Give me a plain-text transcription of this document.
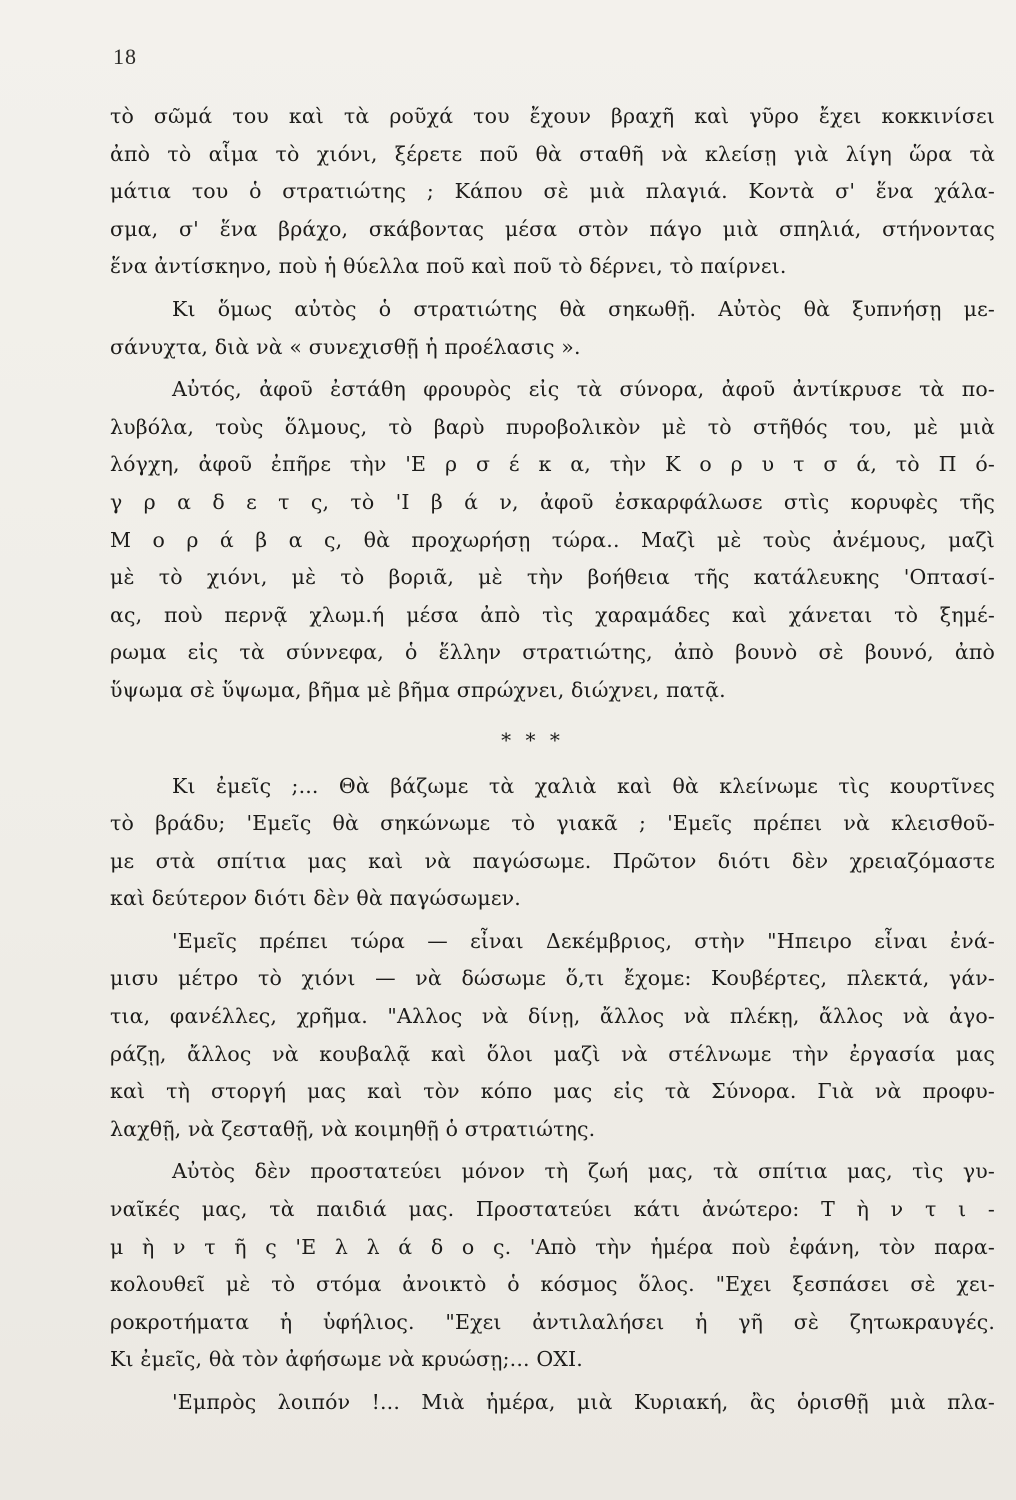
18

τὸ σῶμά του καὶ τὰ ροῦχά του ἔχουν βραχῆ καὶ γῦρο ἔχει κοκκινίσει
ἀπὸ τὸ αἷμα τὸ χιόνι, ξέρετε ποῦ θὰ σταθῆ νὰ κλείσῃ γιὰ λίγη ὥρα τὰ
μάτια του ὁ στρατιώτης ; Κάπου σὲ μιὰ πλαγιά. Κοντὰ σ' ἕνα χάλα-
σμα, σ' ἕνα βράχο, σκάβοντας μέσα στὸν πάγο μιὰ σπηλιά, στήνοντας
ἕνα ἀντίσκηνο, ποὺ ἡ θύελλα ποῦ καὶ ποῦ τὸ δέρνει, τὸ παίρνει.

Κι ὅμως αὐτὸς ὁ στρατιώτης θὰ σηκωθῇ. Αὐτὸς θὰ ξυπνήσῃ με-
σάνυχτα, διὰ νὰ « συνεχισθῇ ἡ προέλασις ».

Αὐτός, ἀφοῦ ἐστάθη φρουρὸς εἰς τὰ σύνορα, ἀφοῦ ἀντίκρυσε τὰ πο-
λυβόλα, τοὺς ὅλμους, τὸ βαρὺ πυροβολικὸν μὲ τὸ στῆθός του, μὲ μιὰ
λόγχη, ἀφοῦ ἐπῆρε τὴν 'Ε ρ σ έ κ α, τὴν Κ ο ρ υ τ σ ά, τὸ Π ό-
γ ρ α δ ε τ ς, τὸ 'Ι β ά ν, ἀφοῦ ἐσκαρφάλωσε στὶς κορυφὲς τῆς
Μ ο ρ ά β α ς, θὰ προχωρήσῃ τώρα.. Μαζὶ μὲ τοὺς ἀνέμους, μαζὶ
μὲ τὸ χιόνι, μὲ τὸ βοριᾶ, μὲ τὴν βοήθεια τῆς κατάλευκης 'Οπτασί-
ας, ποὺ περνᾷ χλωμ.ή μέσα ἀπὸ τὶς χαραμάδες καὶ χάνεται τὸ ξημέ-
ρωμα εἰς τὰ σύννεφα, ὁ ἕλλην στρατιώτης, ἀπὸ βουνὸ σὲ βουνό, ἀπὸ
ὕψωμα σὲ ὕψωμα, βῆμα μὲ βῆμα σπρώχνει, διώχνει, πατᾷ.

* * *

Κι ἐμεῖς ;... Θὰ βάζωμε τὰ χαλιὰ καὶ θὰ κλείνωμε τὶς κουρτῖνες
τὸ βράδυ; 'Εμεῖς θὰ σηκώνωμε τὸ γιακᾶ ; 'Εμεῖς πρέπει νὰ κλεισθοῦ-
με στὰ σπίτια μας καὶ νὰ παγώσωμε. Πρῶτον διότι δὲν χρειαζόμαστε
καὶ δεύτερον διότι δὲν θὰ παγώσωμεν.

'Εμεῖς πρέπει τώρα — εἶναι Δεκέμβριος, στὴν "Ηπειρο εἶναι ἐνά-
μισυ μέτρο τὸ χιόνι — νὰ δώσωμε ὅ,τι ἔχομε: Κουβέρτες, πλεκτά, γάν-
τια, φανέλλες, χρῆμα. "Αλλος νὰ δίνῃ, ἄλλος νὰ πλέκῃ, ἄλλος νὰ ἀγο-
ράζῃ, ἄλλος νὰ κουβαλᾷ καὶ ὅλοι μαζὶ νὰ στέλνωμε τὴν ἐργασία μας
καὶ τὴ στοργή μας καὶ τὸν κόπο μας εἰς τὰ Σύνορα. Γιὰ νὰ προφυ-
λαχθῇ, νὰ ζεσταθῇ, νὰ κοιμηθῇ ὁ στρατιώτης.

Αὐτὸς δὲν προστατεύει μόνον τὴ ζωή μας, τὰ σπίτια μας, τὶς γυ-
ναῖκές μας, τὰ παιδιά μας. Προστατεύει κάτι ἀνώτερο: Τ ὴ ν τ ι -
μ ὴ ν τ ῆ ς 'Ε λ λ ά δ ο ς. 'Απὸ τὴν ἡμέρα ποὺ ἐφάνη, τὸν παρα-
κολουθεῖ μὲ τὸ στόμα ἀνοικτὸ ὁ κόσμος ὅλος. "Εχει ξεσπάσει σὲ χει-
ροκροτήματα ἡ ὑφήλιος. "Εχει ἀντιλαλήσει ἡ γῆ σὲ ζητωκραυγές.
Κι ἐμεῖς, θὰ τὸν ἀφήσωμε νὰ κρυώσῃ;... ΟΧΙ.

'Εμπρὸς λοιπόν !... Μιὰ ἡμέρα, μιὰ Κυριακή, ἂς ὁρισθῇ μιὰ πλα-
